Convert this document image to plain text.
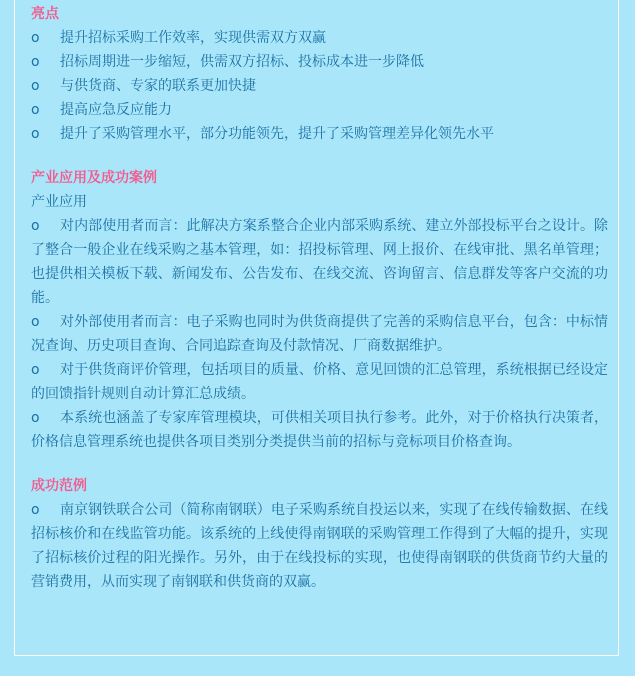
亮点
o	提升招标采购工作效率，实现供需双方双赢
o	招标周期进一步缩短，供需双方招标、投标成本进一步降低
o	与供货商、专家的联系更加快捷
o	提高应急反应能力
o	提升了采购管理水平，部分功能领先，提升了采购管理差异化领先水平
产业应用及成功案例
产业应用
o 对内部使用者而言：此解决方案系整合企业内部采购系统、建立外部投标平台之设计。除了整合一般企业在线采购之基本管理，如：招投标管理、网上报价、在线审批、黑名单管理；也提供相关模板下载、新闻发布、公告发布、在线交流、咨询留言、信息群发等客户交流的功能。
o 对外部使用者而言：电子采购也同时为供货商提供了完善的采购信息平台，包含：中标情况查询、历史项目查询、合同追踪查询及付款情况、厂商数据维护。
o 对于供货商评价管理，包括项目的质量、价格、意见回馈的汇总管理，系统根据已经设定的回馈指针规则自动计算汇总成绩。
o 本系统也涵盖了专家库管理模块，可供相关项目执行参考。此外，对于价格执行决策者，价格信息管理系统也提供各项目类别分类提供当前的招标与竞标项目价格查询。
成功范例
o 南京钢铁联合公司（简称南钢联）电子采购系统自投运以来，实现了在线传输数据、在线招标核价和在线监管功能。该系统的上线使得南钢联的采购管理工作得到了大幅的提升，实现了招标核价过程的阳光操作。另外，由于在线投标的实现，也使得南钢联的供货商节约大量的营销费用，从而实现了南钢联和供货商的双赢。
